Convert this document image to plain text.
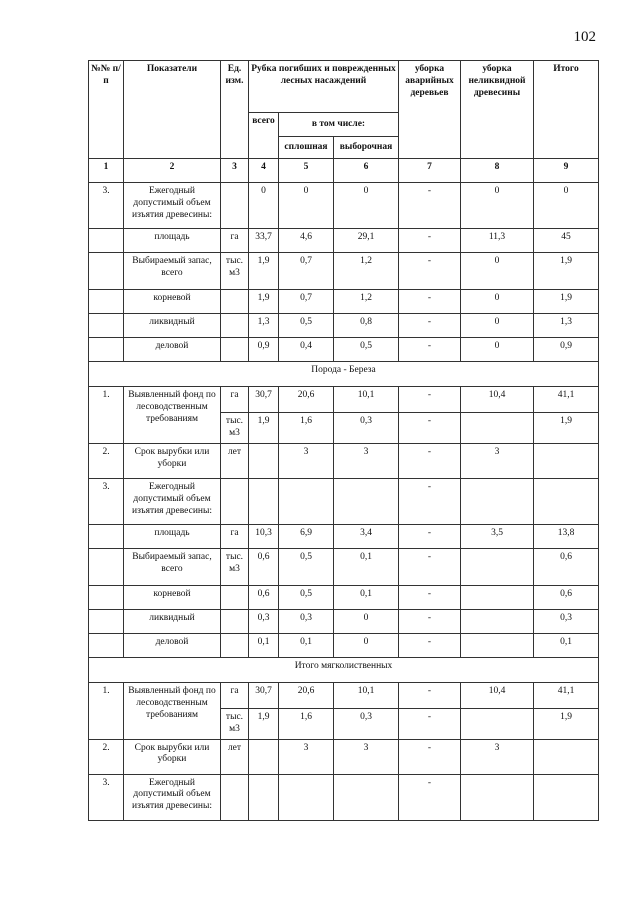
102
№№ п/п	Показатели	Ед. изм.	Рубка погибших и поврежденных лесных насаждений			уборка аварийных деревьев	уборка неликвидной древесины	Итого
			всего	в том числе:				
				сплошная	выборочная			
1	2	3	4	5	6	7	8	9
3.	Ежегодный допустимый объем изъятия древесины:		0	0	0	-	0	0
	площадь	га	33,7	4,6	29,1	-	11,3	45
	Выбираемый запас, всего	тыс. м3	1,9	0,7	1,2	-	0	1,9
	корневой		1,9	0,7	1,2	-	0	1,9
	ликвидный		1,3	0,5	0,8	-	0	1,3
	деловой		0,9	0,4	0,5	-	0	0,9
Порода - Береза								
1.	Выявленный фонд по лесоводственным требованиям	га	30,7	20,6	10,1	-	10,4	41,1
		тыс. м3	1,9	1,6	0,3	-		1,9
2.	Срок вырубки или уборки	лет		3	3	-	3	
3.	Ежегодный допустимый объем изъятия древесины:					-		
	площадь	га	10,3	6,9	3,4	-	3,5	13,8
	Выбираемый запас, всего	тыс. м3	0,6	0,5	0,1	-		0,6
	корневой		0,6	0,5	0,1	-		0,6
	ликвидный		0,3	0,3	0	-		0,3
	деловой		0,1	0,1	0	-		0,1
Итого мягколиственных								
1.	Выявленный фонд по лесоводственным требованиям	га	30,7	20,6	10,1	-	10,4	41,1
		тыс. м3	1,9	1,6	0,3	-		1,9
2.	Срок вырубки или уборки	лет		3	3	-	3	
3.	Ежегодный допустимый объем изъятия древесины:					-		
